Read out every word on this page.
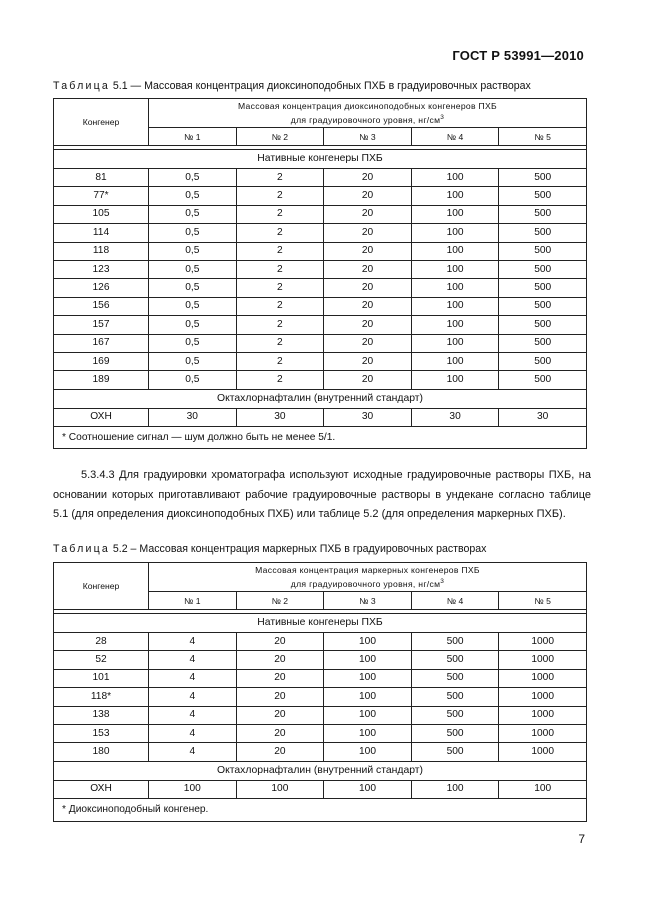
ГОСТ Р 53991—2010
Таблица 5.1 — Массовая концентрация диоксиноподобных ПХБ в градуировочных растворах
Конгенер	Массовая концентрация диоксиноподобных конгенеров ПХБ
для градуировочного уровня, $нг/см^3$
	№ 1	№ 2	№ 3	№ 4	№ 5

Нативные конгенеры ПХБ					
81	0,5	2	20	100	500
77*	0,5	2	20	100	500
105	0,5	2	20	100	500
114	0,5	2	20	100	500
118	0,5	2	20	100	500
123	0,5	2	20	100	500
126	0,5	2	20	100	500
156	0,5	2	20	100	500
157	0,5	2	20	100	500
167	0,5	2	20	100	500
169	0,5	2	20	100	500
189	0,5	2	20	100	500
Октахлорнафталин (внутренний стандарт)					
ОХН	30	30	30	30	30
* Соотношение сигнал — шум должно быть не менее 5/1.					

5.3.4.3 Для градуировки хроматографа используют исходные градуировочные растворы ПХБ, на основании которых приготавливают рабочие градуировочные растворы в ундекане согласно таблице 5.1 (для определения диоксиноподобных ПХБ) или таблице 5.2 (для определения маркерных ПХБ).

Таблица 5.2 – Массовая концентрация маркерных ПХБ в градуировочных растворах
Конгенер	Массовая концентрация маркерных конгенеров ПХБ
для градуировочного уровня, $нг/см^3$
	№ 1	№ 2	№ 3	№ 4	№ 5

Нативные конгенеры ПХБ					
28	4	20	100	500	1000
52	4	20	100	500	1000
101	4	20	100	500	1000
118*	4	20	100	500	1000
138	4	20	100	500	1000
153	4	20	100	500	1000
180	4	20	100	500	1000
Октахлорнафталин (внутренний стандарт)					
ОХН	100	100	100	100	100
* Диоксиноподобный конгенер.					
7
